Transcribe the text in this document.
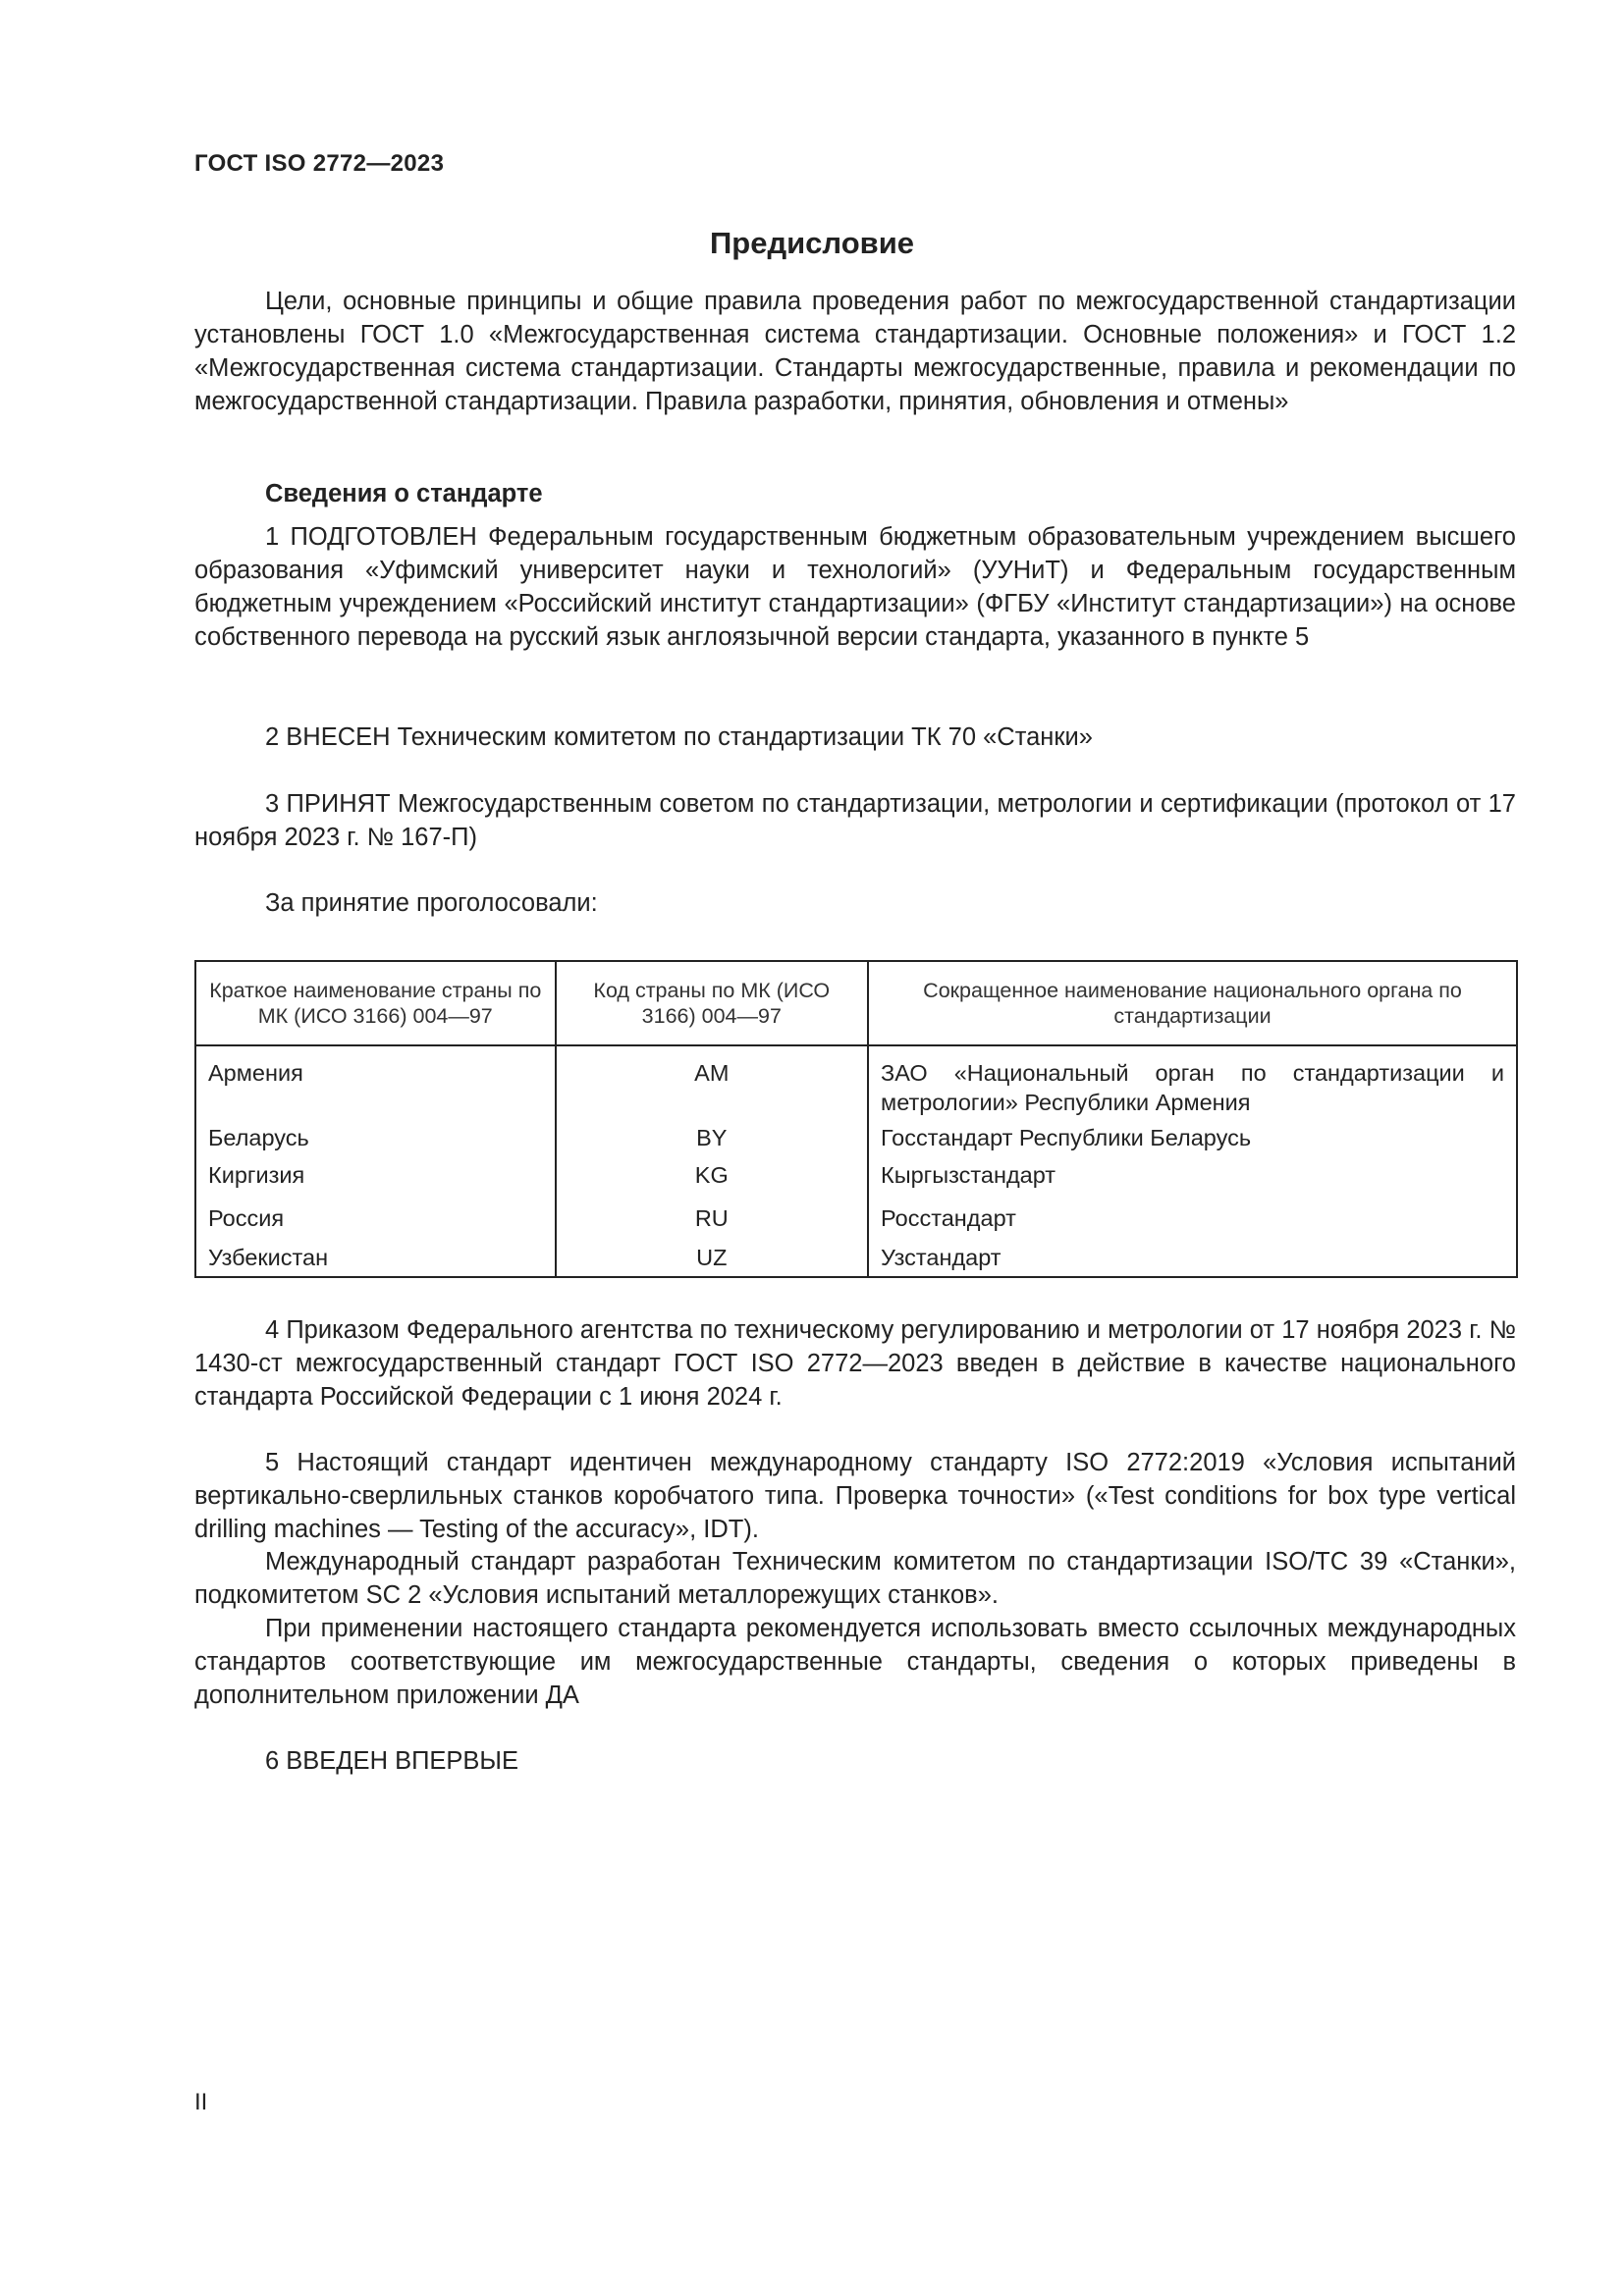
ГОСТ ISO 2772—2023
Предисловие

Цели, основные принципы и общие правила проведения работ по межгосударственной стандартизации установлены ГОСТ 1.0 «Межгосударственная система стандартизации. Основные положения» и ГОСТ 1.2 «Межгосударственная система стандартизации. Стандарты межгосударственные, правила и рекомендации по межгосударственной стандартизации. Правила разработки, принятия, обновления и отмены»

Сведения о стандарте

1 ПОДГОТОВЛЕН Федеральным государственным бюджетным образовательным учреждением высшего образования «Уфимский университет науки и технологий» (УУНиТ) и Федеральным государственным бюджетным учреждением «Российский институт стандартизации» (ФГБУ «Институт стандартизации») на основе собственного перевода на русский язык англоязычной версии стандарта, указанного в пункте 5

2 ВНЕСЕН Техническим комитетом по стандартизации ТК 70 «Станки»

3 ПРИНЯТ Межгосударственным советом по стандартизации, метрологии и сертификации (протокол от 17 ноября 2023 г. № 167-П)

За принятие проголосовали:

Краткое наименование страны по МК (ИСО 3166) 004—97	Код страны по МК (ИСО 3166) 004—97	Сокращенное наименование национального органа по стандартизации
Армения	AM	ЗАО «Национальный орган по стандартизации и метрологии» Республики Армения
Беларусь	BY	Госстандарт Республики Беларусь
Киргизия	KG	Кыргызстандарт
Россия	RU	Росстандарт
Узбекистан	UZ	Узстандарт

4 Приказом Федерального агентства по техническому регулированию и метрологии от 17 ноября 2023 г. № 1430-ст межгосударственный стандарт ГОСТ ISO 2772—2023 введен в действие в качестве национального стандарта Российской Федерации с 1 июня 2024 г.

5 Настоящий стандарт идентичен международному стандарту ISO 2772:2019 «Условия испытаний вертикально-сверлильных станков коробчатого типа. Проверка точности» («Test conditions for box type vertical drilling machines — Testing of the accuracy», IDT).

Международный стандарт разработан Техническим комитетом по стандартизации ISO/TC 39 «Станки», подкомитетом SC 2 «Условия испытаний металлорежущих станков».

При применении настоящего стандарта рекомендуется использовать вместо ссылочных международных стандартов соответствующие им межгосударственные стандарты, сведения о которых приведены в дополнительном приложении ДА

6 ВВЕДЕН ВПЕРВЫЕ

II
